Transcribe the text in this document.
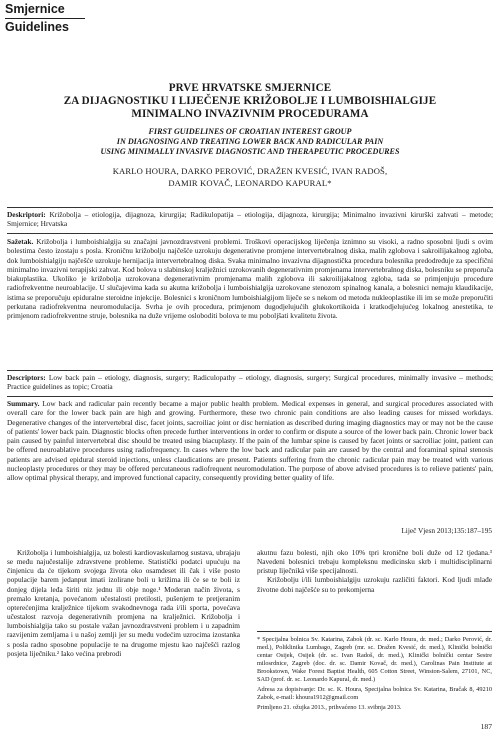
Smjernice
Guidelines
PRVE HRVATSKE SMJERNICE
ZA DIJAGNOSTIKU I LIJEČENJE KRIŽOBOLJE I LUMBOISHIALGIJE
MINIMALNO INVAZIVNIM PROCEDURAMA
FIRST GUIDELINES OF CROATIAN INTEREST GROUP
IN DIAGNOSING AND TREATING LOWER BACK AND RADICULAR PAIN
USING MINIMALLY INVASIVE DIAGNOSTIC AND THERAPEUTIC PROCEDURES
KARLO HOURA, DARKO PEROVIĆ, DRAŽEN KVESIĆ, IVAN RADOŠ,
DAMIR KOVAČ, LEONARDO KAPURAL*
Deskriptori: Križobolja – etiologija, dijagnoza, kirurgija; Radikulopatija – etiologija, dijagnoza, kirurgija; Minimalno invazivni kirurški zahvati – metode; Smjernice; Hrvatska
Sažetak. Križobolja i lumboishialgija su značajni javnozdravstveni problemi. Troškovi operacijskog liječenja iznimno su visoki, a radno sposobni ljudi s ovim bolestima često izostaju s posla. Kroničnu križobolju najčešće uzrokuju degenerativne promjene intervertebralnog diska, malih zglobova i sakroilijakalnog zgloba, dok lumboishialgiju najčešće uzrokuje hernijacija intervertebralnog diska. Svaka minimalno invazivna dijagnostička procedura bolesnika predodređuje za specifični minimalno invazivni terapijski zahvat. Kod bolova u slabinskoj kralježnici uzrokovanih degenerativnim promjenama intervertebralnog diska, bolesniku se preporuča biakuplastika. Ukoliko je križobolja uzrokovana degenerativnim promjenama malih zglobova ili sakroilijakalnog zgloba, tada se primjenjuju procedure radiofrekventne neuroablacije. U slučajevima kada su akutna križobolja i lumboishialgija uzrokovane stenozom spinalnog kanala, a bolesnici nemaju klaudikacije, istima se preporučuju epiduralne steroidne injekcije. Bolesnici s kroničnom lumboishialgijom liječe se s nekom od metoda nukleoplastike ili im se može preporučiti perkutana radiofrekventna neuromodulacija. Svrha je ovih procedura, primjenom dugodjelujućih glukokortikoida i kratkodjelujućeg lokalnog anestetika, te primjenom radiofrekventne struje, bolesnika na duže vrijeme osloboditi bolova te mu poboljšati kvalitetu života.
Descriptors: Low back pain – etiology, diagnosis, surgery; Radiculopathy – etiology, diagnosis, surgery; Surgical procedures, minimally invasive – methods; Practice guidelines as topic; Croatia
Summary. Low back and radicular pain recently became a major public health problem. Medical expenses in general, and surgical procedures associated with overall care for the lower back pain are high and growing. Furthermore, these two chronic pain conditions are also leading causes for missed workdays. Degenerative changes of the intervertebral disc, facet joints, sacroiliac joint or disc herniation as described during imaging diagnostics may or may not be the cause of patients' lower back pain. Diagnostic blocks often precede further interventions in order to confirm or dispute a source of the lower back pain. Chronic lower back pain caused by painful intervertebral disc should be treated using biacuplasty. If the pain of the lumbar spine is caused by facet joints or sacroiliac joint, patient can be offered neuroablative procedures using radiofrequency. In cases where the low back and radicular pain are caused by the central and foraminal spinal stenosis patients are advised epidural steroid injections, unless claudications are present. Patients suffering from the chronic radicular pain may be treated with various nucleoplasty procedures or they may be offered percutaneous radiofrequent neuromodulation. The purpose of above advised procedures is to relieve patients' pain, allow optimal physical therapy, and improved functional capacity, consequently providing better quality of life.
Liječ Vjesn 2013;135:187–195

Križobolja i lumboishialgija, uz bolesti kardiovaskularnog sustava, ubrajaju se među najučestalije zdravstvene probleme. Statistički podatci upućuju na činjenicu da će tijekom svojega života oko osamdeset ili čak i više posto populacije barem jedanput imati izolirane boli u križima ili će se te boli iz donjeg dijela leđa širiti niz jednu ili obje noge.¹ Moderan način života, s premalo kretanja, povećanom učestalosti pretilosti, pušenjem te pretjeranim opterećenjima kralježnice tijekom svakodnevnoga rada i/ili sporta, povećava učestalost razvoja degenerativnih promjena na kralježnici. Križobolja i lumboishialgija tako su postale važan javnozdravstveni problem i u zapadnim razvijenim zemljama i u našoj zemlji jer su među vodećim uzrocima izostanka s posla radno sposobne populacije te na drugome mjestu kao najčešći razlog posjeta liječniku.² Iako većina prebrodi

akutnu fazu bolesti, njih oko 10% tpri kronične boli duže od 12 tjedana.³ Navedeni bolesnici trebaju kompleksnu medicinsku skrb i multidisciplinarni pristup liječniká više specijalnosti.

Križobolju i/ili lumboishialgiju uzrokuju različiti faktori. Kod ljudi mlađe životne dobi najčešće su to prekomjerna

* Specijalna bolnica Sv. Katarina, Zabok (dr. sc. Karlo Houra, dr. med.; Darko Perović, dr. med.), Poliklinika Lumbago, Zagreb (mr. sc. Dražen Kvesić, dr. med.), Klinički bolnički centar Osijek, Osijek (dr. sc. Ivan Radoš, dr. med.), Klinički bolnički centar Sestre milosrdnice, Zagreb (doc. dr. sc. Damir Kovač, dr. med.), Carolinas Pain Institute at Brookstown, Wake Forest Baptist Health, 605 Cotton Street, Winston-Salem, 27101, NC, SAD (prof. dr. sc. Leonardo Kapural, dr. med.)

Adresa za dopisivanje: Dr. sc. K. Houra, Specijalna bolnica Sv. Katarina, Bračak 8, 49210 Zabok, e-mail: khoura1912@gmail.com

Primljeno 21. ožujka 2013., prihvaćeno 13. svibnja 2013.

187
